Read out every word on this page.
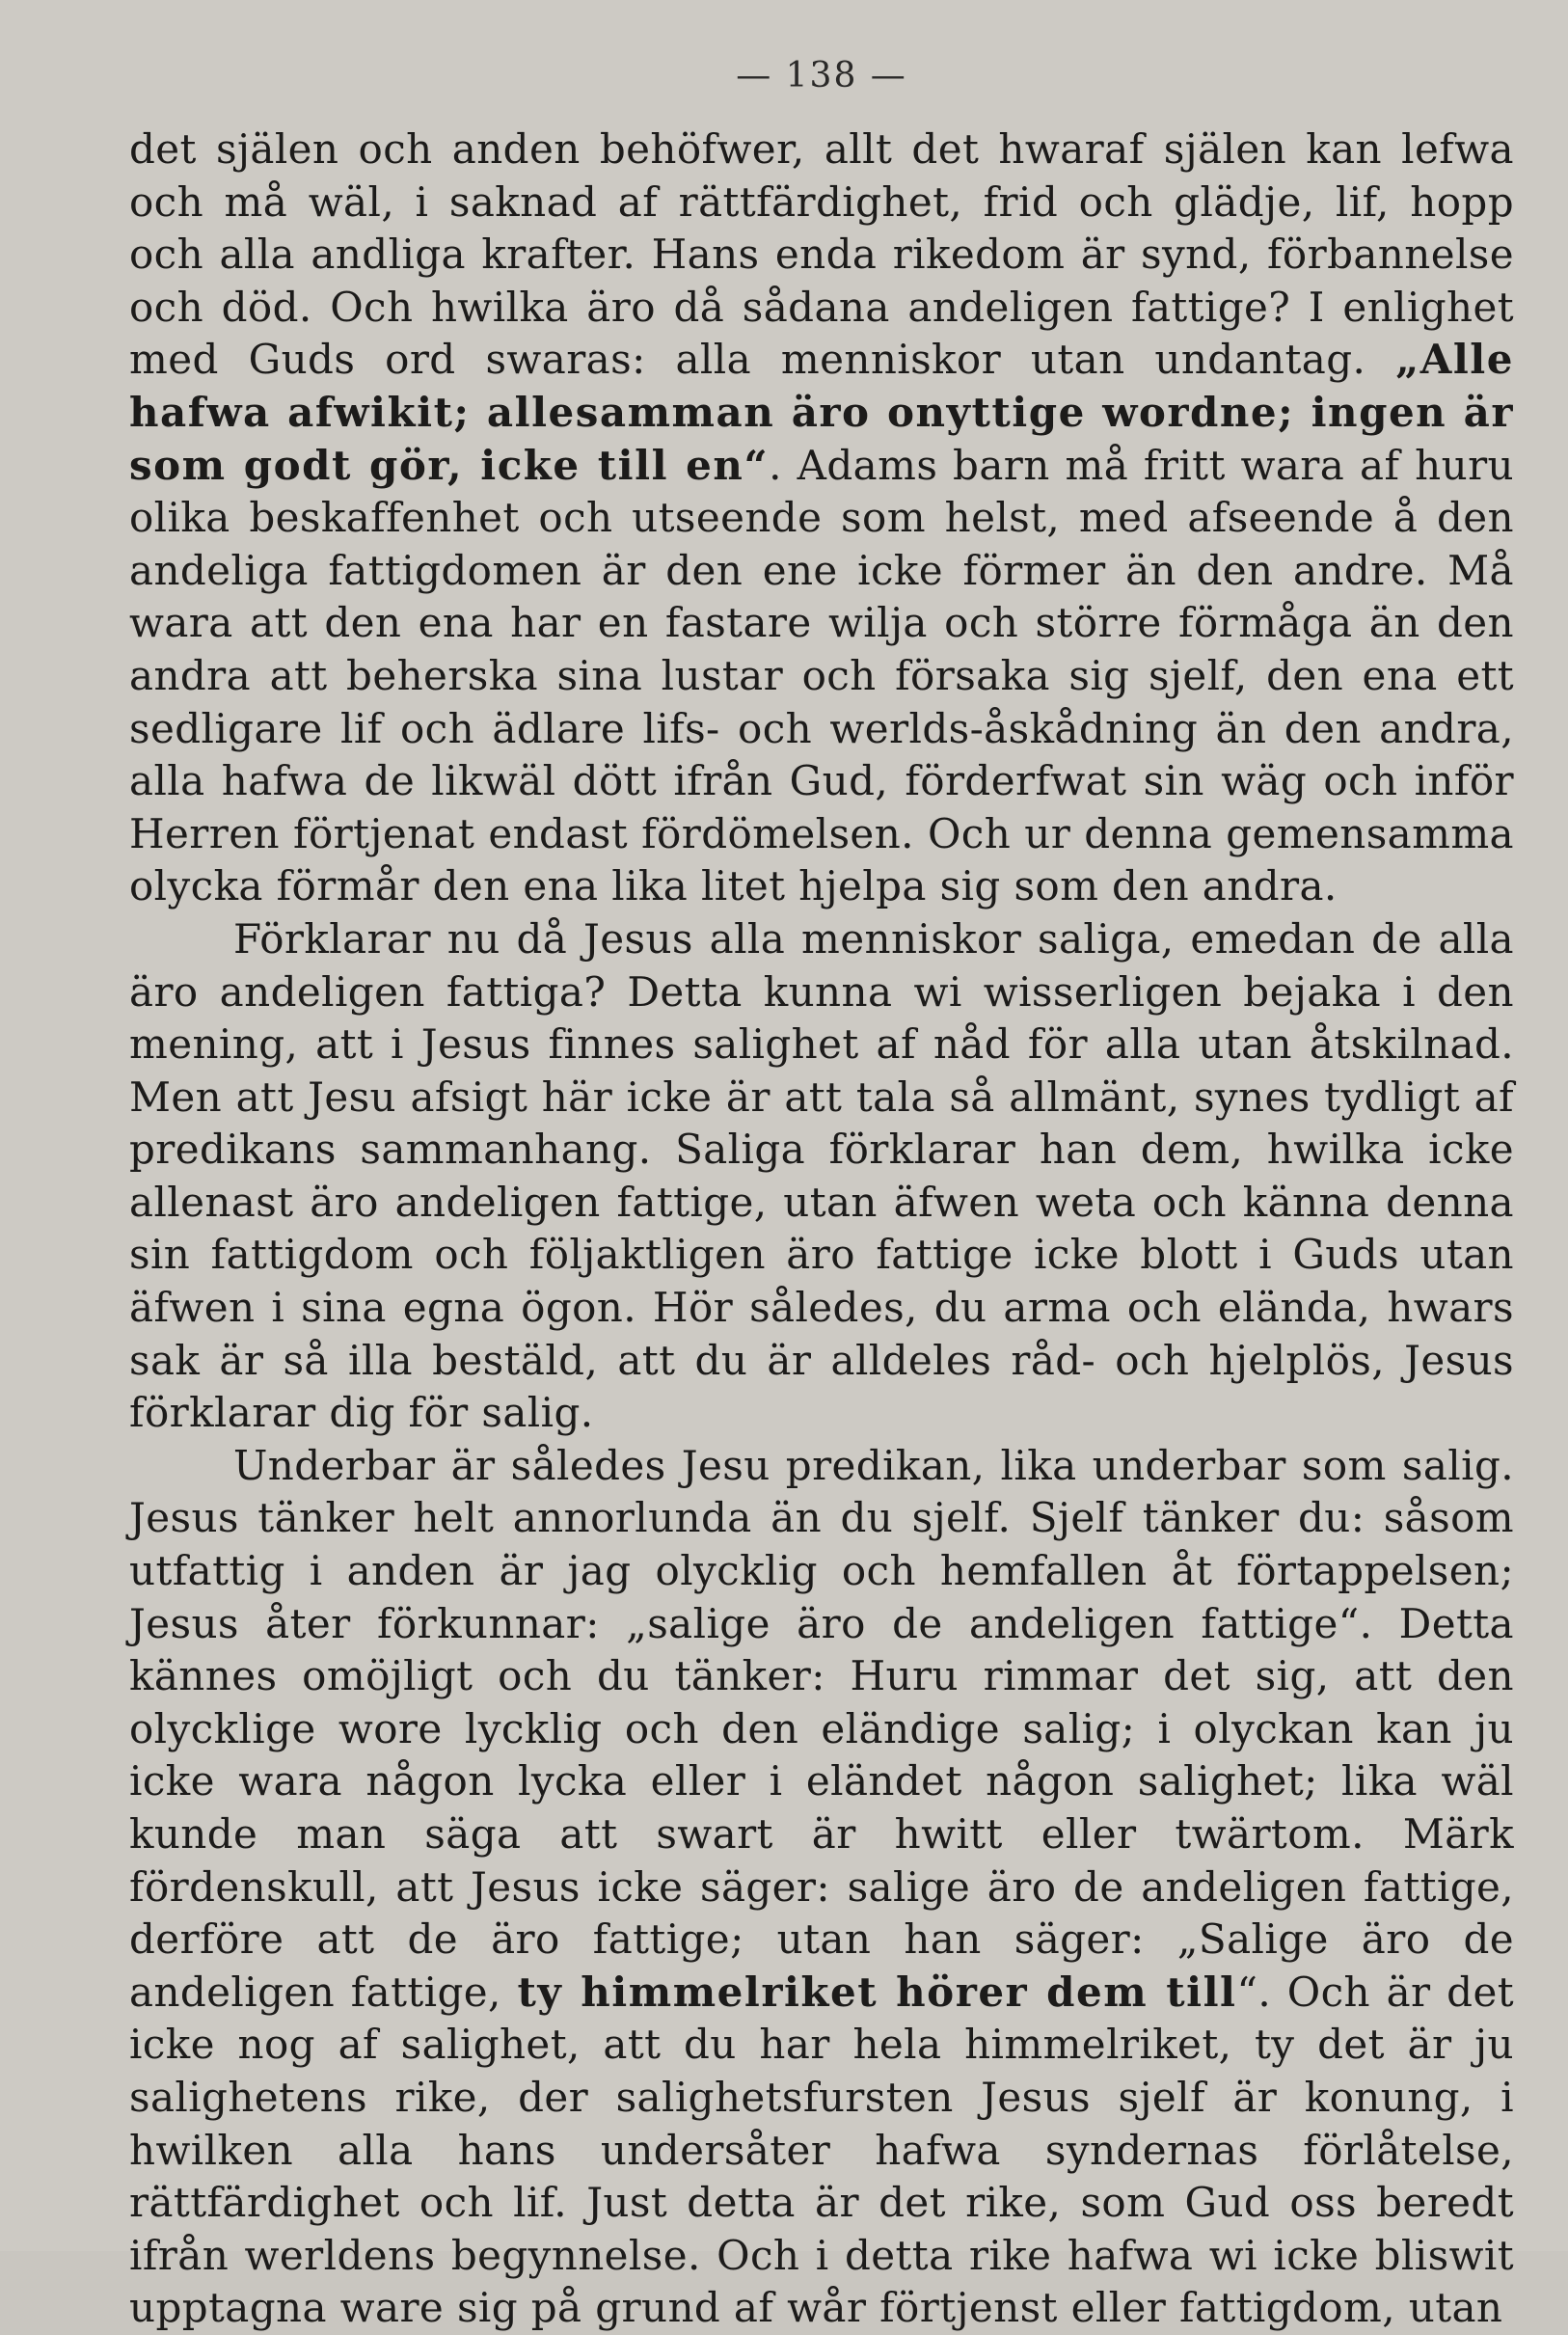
— 138 —

det själen och anden behöfwer, allt det hwaraf själen kan lefwa och må wäl, i saknad af rättfärdighet, frid och glädje, lif, hopp och alla andliga krafter. Hans enda rikedom är synd, förbannelse och död. Och hwilka äro då sådana andeligen fattige? I enlighet med Guds ord swaras: alla menniskor utan undantag. „Alle hafwa afwikit; allesamman äro onyttige wordne; ingen är som godt gör, icke till en“. Adams barn må fritt wara af huru olika beskaffenhet och utseende som helst, med afseende å den andeliga fattigdomen är den ene icke förmer än den andre. Må wara att den ena har en fastare wilja och större förmåga än den andra att beherska sina lustar och försaka sig sjelf, den ena ett sedligare lif och ädlare lifs- och werlds-åskådning än den andra, alla hafwa de likwäl dött ifrån Gud, förderfwat sin wäg och inför Herren förtjenat endast fördömelsen. Och ur denna gemensamma olycka förmår den ena lika litet hjelpa sig som den andra.

Förklarar nu då Jesus alla menniskor saliga, emedan de alla äro andeligen fattiga? Detta kunna wi wisserligen bejaka i den mening, att i Jesus finnes salighet af nåd för alla utan åtskilnad. Men att Jesu afsigt här icke är att tala så allmänt, synes tydligt af predikans sammanhang. Saliga förklarar han dem, hwilka icke allenast äro andeligen fattige, utan äfwen weta och känna denna sin fattigdom och följaktligen äro fattige icke blott i Guds utan äfwen i sina egna ögon. Hör således, du arma och elända, hwars sak är så illa bestäld, att du är alldeles råd- och hjelplös, Jesus förklarar dig för salig.

Underbar är således Jesu predikan, lika underbar som salig. Jesus tänker helt annorlunda än du sjelf. Sjelf tänker du: såsom utfattig i anden är jag olycklig och hemfallen åt förtappelsen; Jesus åter förkunnar: „salige äro de andeligen fattige“. Detta kännes omöjligt och du tänker: Huru rimmar det sig, att den olycklige wore lycklig och den eländige salig; i olyckan kan ju icke wara någon lycka eller i eländet någon salighet; lika wäl kunde man säga att swart är hwitt eller twärtom. Märk fördenskull, att Jesus icke säger: salige äro de andeligen fattige, derföre att de äro fattige; utan han säger: „Salige äro de andeligen fattige, ty himmelriket hörer dem till“. Och är det icke nog af salighet, att du har hela himmelriket, ty det är ju salighetens rike, der salighetsfursten Jesus sjelf är konung, i hwilken alla hans undersåter hafwa syndernas förlåtelse, rättfärdighet och lif. Just detta är det rike, som Gud oss beredt ifrån werldens begynnelse. Och i detta rike hafwa wi icke bliswit upptagna ware sig på grund af wår förtjenst eller fattigdom, utan
